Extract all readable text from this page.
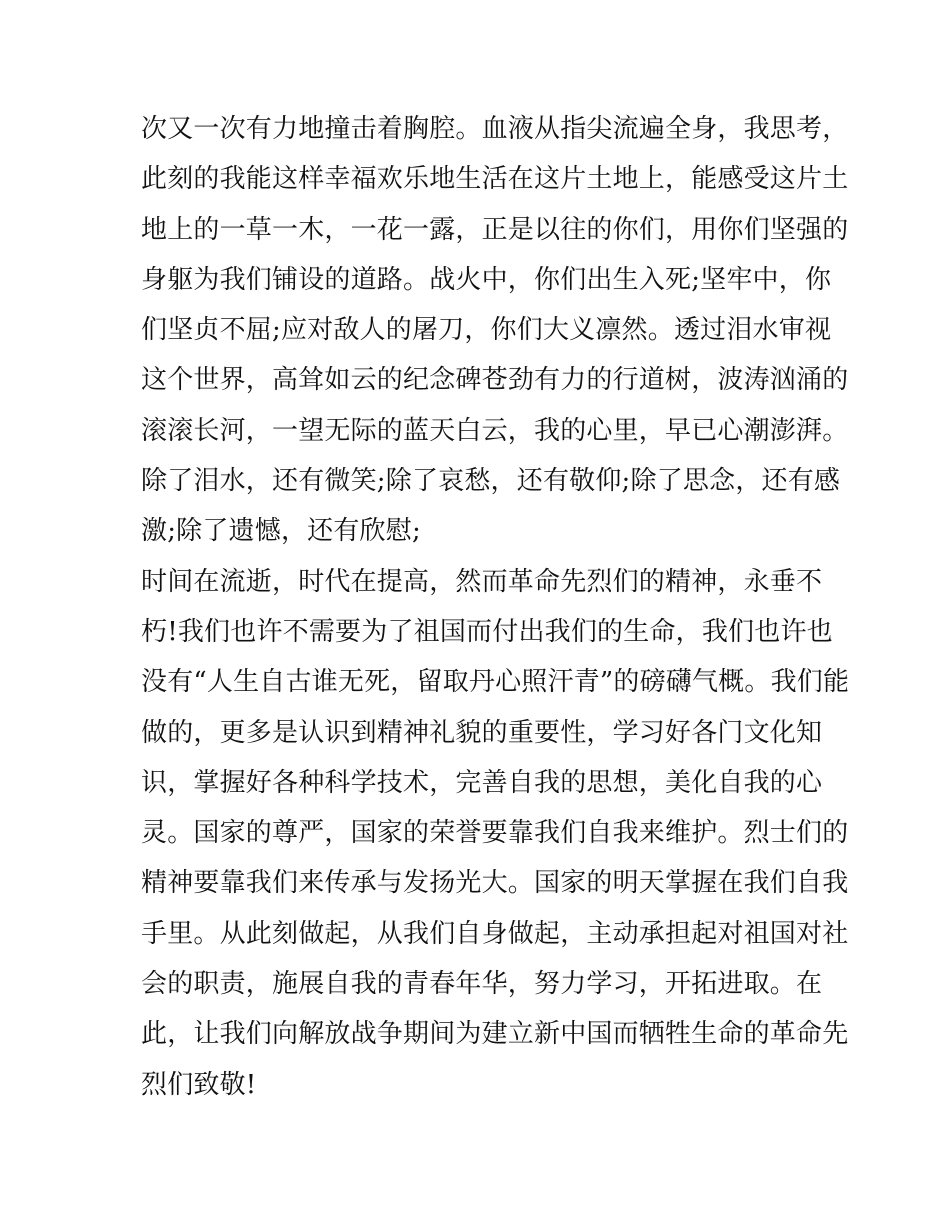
次又一次有力地撞击着胸腔。血液从指尖流遍全身，我思考，
此刻的我能这样幸福欢乐地生活在这片土地上，能感受这片土
地上的一草一木，一花一露，正是以往的你们，用你们坚强的
身躯为我们铺设的道路。战火中，你们出生入死;坚牢中，你
们坚贞不屈;应对敌人的屠刀，你们大义凛然。透过泪水审视
这个世界，高耸如云的纪念碑苍劲有力的行道树，波涛汹涌的
滚滚长河，一望无际的蓝天白云，我的心里，早已心潮澎湃。
除了泪水，还有微笑;除了哀愁，还有敬仰;除了思念，还有感
激;除了遗憾，还有欣慰;
时间在流逝，时代在提高，然而革命先烈们的精神，永垂不
朽!我们也许不需要为了祖国而付出我们的生命，我们也许也
没有“人生自古谁无死，留取丹心照汗青”的磅礴气概。我们能
做的，更多是认识到精神礼貌的重要性，学习好各门文化知
识，掌握好各种科学技术，完善自我的思想，美化自我的心
灵。国家的尊严，国家的荣誉要靠我们自我来维护。烈士们的
精神要靠我们来传承与发扬光大。国家的明天掌握在我们自我
手里。从此刻做起，从我们自身做起，主动承担起对祖国对社
会的职责，施展自我的青春年华，努力学习，开拓进取。在
此，让我们向解放战争期间为建立新中国而牺牲生命的革命先
烈们致敬!
